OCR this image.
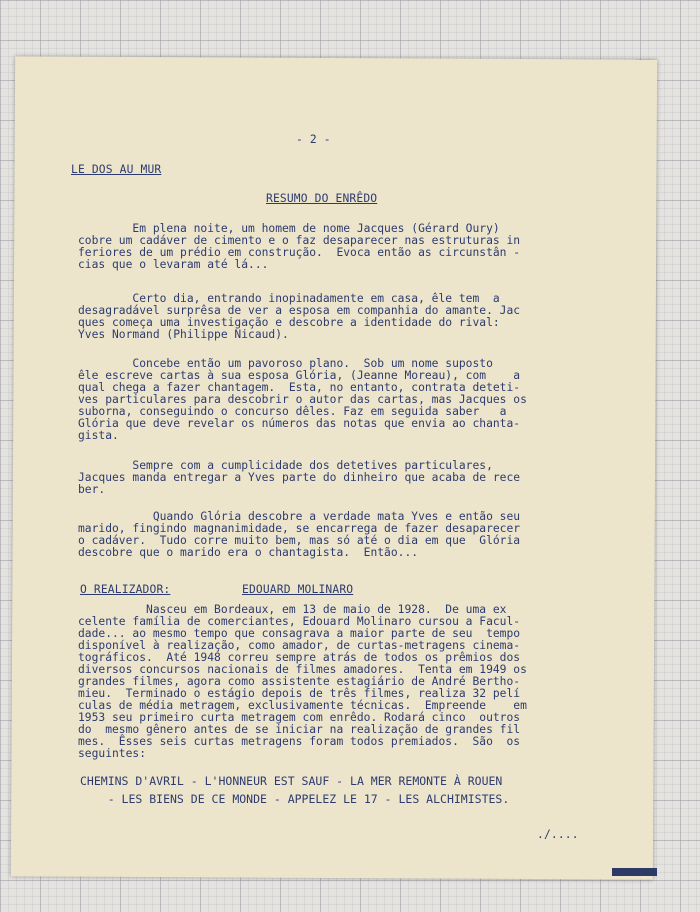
- 2 -

LE DOS AU MUR

RESUMO DO ENRÊDO

Em plena noite, um homem de nome Jacques (Gérard Oury)
cobre um cadáver de cimento e o faz desaparecer nas estruturas in
feriores de um prédio em construção.  Evoca então as circunstân -
cias que o levaram até lá...
Certo dia, entrando inopinadamente em casa, êle tem  a
desagradável surprêsa de ver a esposa em companhia do amante. Jac
ques começa uma investigação e descobre a identidade do rival:
Yves Normand (Philippe Nicaud).
Concebe então um pavoroso plano.  Sob um nome suposto
êle escreve cartas à sua esposa Glória, (Jeanne Moreau), com    a
qual chega a fazer chantagem.  Esta, no entanto, contrata deteti-
ves particulares para descobrir o autor das cartas, mas Jacques os
suborna, conseguindo o concurso dêles. Faz em seguida saber   a
Glória que deve revelar os números das notas que envia ao chanta-
gista.
Sempre com a cumplicidade dos detetives particulares,
Jacques manda entregar a Yves parte do dinheiro que acaba de rece
ber.
Quando Glória descobre a verdade mata Yves e então seu
marido, fingindo magnanimidade, se encarrega de fazer desaparecer
o cadáver.  Tudo corre muito bem, mas só até o dia em que  Glória
descobre que o marido era o chantagista.  Então...

O REALIZADOR:	EDOUARD MOLINARO

Nasceu em Bordeaux, em 13 de maio de 1928.  De uma ex
celente família de comerciantes, Edouard Molinaro cursou a Facul-
dade... ao mesmo tempo que consagrava a maior parte de seu  tempo
disponível à realização, como amador, de curtas-metragens cinema-
tográficos.  Até 1948 correu sempre atrás de todos os prêmios dos
diversos concursos nacionais de filmes amadores.  Tenta em 1949 os
grandes filmes, agora como assistente estagiário de André Bertho-
mieu.  Terminado o estágio depois de três filmes, realiza 32 pelí
culas de média metragem, exclusivamente técnicas.  Empreende    em
1953 seu primeiro curta metragem com enrêdo. Rodará cinco  outros
do  mesmo gênero antes de se iniciar na realização de grandes fil
mes.  Êsses seis curtas metragens foram todos premiados.  São  os
seguintes:
CHEMINS D'AVRIL - L'HONNEUR EST SAUF - LA MER REMONTE À ROUEN
- LES BIENS DE CE MONDE - APPELEZ LE 17 - LES ALCHIMISTES.

./....
